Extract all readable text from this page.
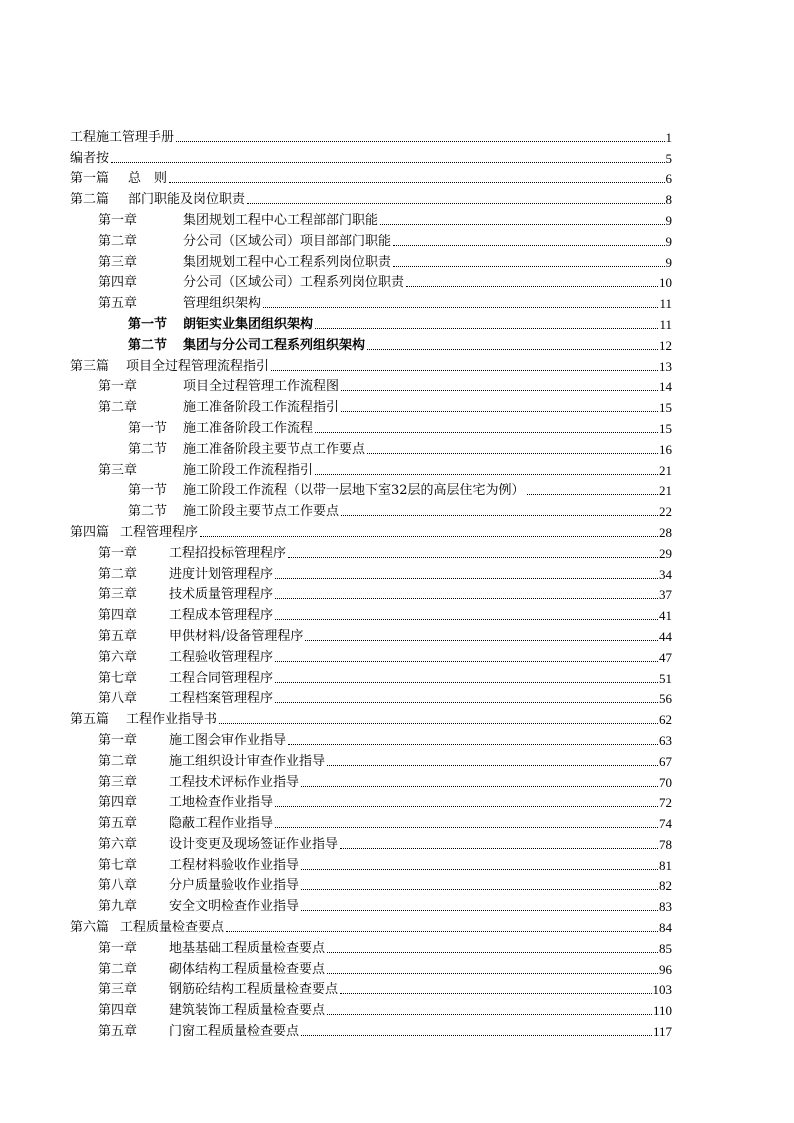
工程施工管理手册	1
编者按	5
第一篇	总　则	6
第二篇	部门职能及岗位职责	8
第一章	集团规划工程中心工程部部门职能	9
第二章	分公司（区域公司）项目部部门职能	9
第三章	集团规划工程中心工程系列岗位职责	9
第四章	分公司（区域公司）工程系列岗位职责	10
第五章	管理组织架构	11
第一节	朗钜实业集团组织架构	11
第二节	集团与分公司工程系列组织架构	12
第三篇	项目全过程管理流程指引	13
第一章	项目全过程管理工作流程图	14
第二章	施工准备阶段工作流程指引	15
第一节	施工准备阶段工作流程	15
第二节	施工准备阶段主要节点工作要点	16
第三章	施工阶段工作流程指引	21
第一节	施工阶段工作流程（以带一层地下室32层的高层住宅为例）	21
第二节	施工阶段主要节点工作要点	22
第四篇 工程管理程序	28
第一章	工程招投标管理程序	29
第二章	进度计划管理程序	34
第三章	技术质量管理程序	37
第四章	工程成本管理程序	41
第五章	甲供材料/设备管理程序	44
第六章	工程验收管理程序	47
第七章	工程合同管理程序	51
第八章	工程档案管理程序	56
第五篇	工程作业指导书	62
第一章	施工图会审作业指导	63
第二章	施工组织设计审查作业指导	67
第三章	工程技术评标作业指导	70
第四章	工地检查作业指导	72
第五章	隐蔽工程作业指导	74
第六章	设计变更及现场签证作业指导	78
第七章	工程材料验收作业指导	81
第八章	分户质量验收作业指导	82
第九章	安全文明检查作业指导	83
第六篇 工程质量检查要点	84
第一章	地基基础工程质量检查要点	85
第二章	砌体结构工程质量检查要点	96
第三章	钢筋砼结构工程质量检查要点	103
第四章	建筑装饰工程质量检查要点	110
第五章	门窗工程质量检查要点	117
